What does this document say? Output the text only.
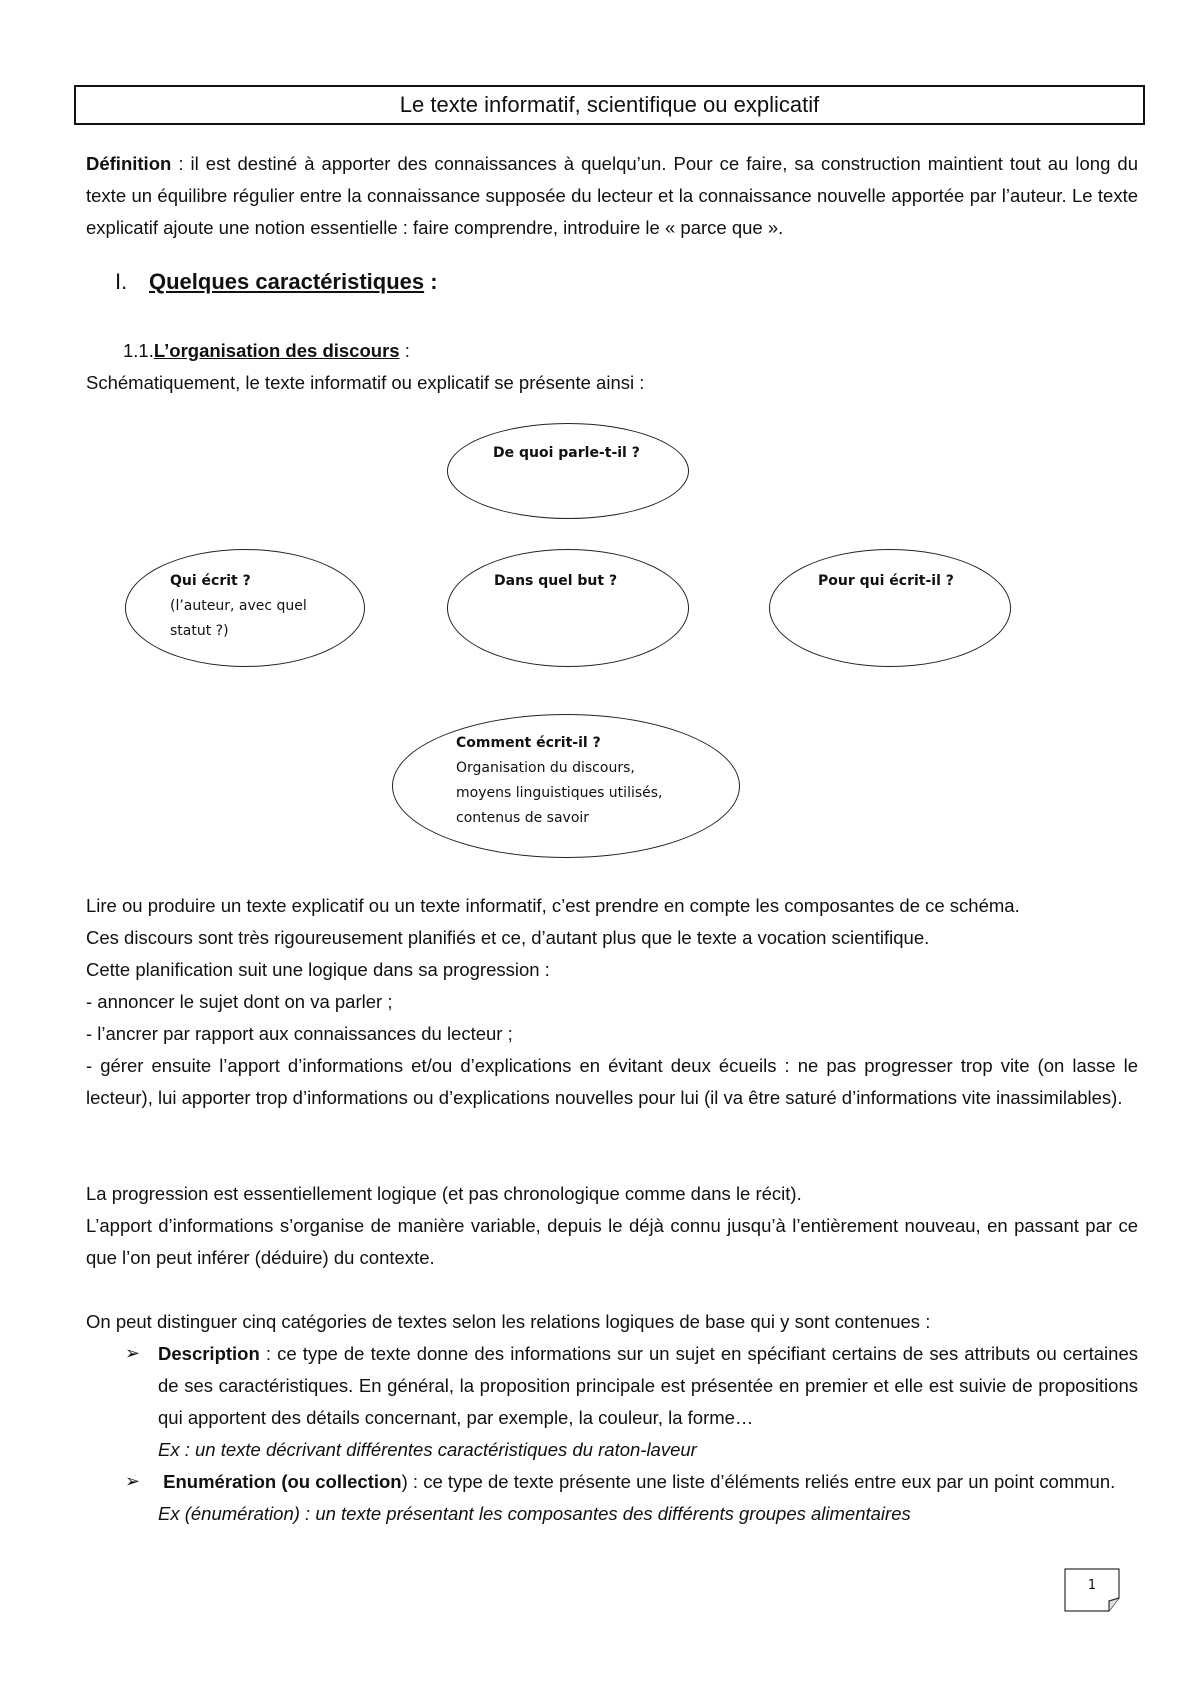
Le texte informatif, scientifique ou explicatif

Définition : il est destiné à apporter des connaissances à quelqu’un. Pour ce faire, sa construction maintient tout au long du texte un équilibre régulier entre la connaissance supposée du lecteur et la connaissance nouvelle apportée par l’auteur. Le texte explicatif ajoute une notion essentielle : faire comprendre, introduire le « parce que ».

I. Quelques caractéristiques :
1.1.L’organisation des discours :

Schématiquement, le texte informatif ou explicatif se présente ainsi :

De quoi parle-t-il ?
Qui écrit ?
(l’auteur, avec quel
statut ?)
Dans quel but ?	Pour qui écrit-il ?
Comment écrit-il ?
Organisation du discours,
moyens linguistiques utilisés,
contenus de savoir

Lire ou produire un texte explicatif ou un texte informatif, c’est prendre en compte les composantes de ce schéma.

Ces discours sont très rigoureusement planifiés et ce, d’autant plus que le texte a vocation scientifique.

Cette planification suit une logique dans sa progression :

- annoncer le sujet dont on va parler ;

- l’ancrer par rapport aux connaissances du lecteur ;

- gérer ensuite l’apport d’informations et/ou d’explications en évitant deux écueils : ne pas progresser trop vite (on lasse le lecteur), lui apporter trop d’informations ou d’explications nouvelles pour lui (il va être saturé d’informations vite inassimilables).

La progression est essentiellement logique (et pas chronologique comme dans le récit).

L’apport d’informations s’organise de manière variable, depuis le déjà connu jusqu’à l’entièrement nouveau, en passant par ce que l’on peut inférer (déduire) du contexte.

On peut distinguer cinq catégories de textes selon les relations logiques de base qui y sont contenues :

➢ Description : ce type de texte donne des informations sur un sujet en spécifiant certains de ses attributs ou certaines de ses caractéristiques. En général, la proposition principale est présentée en premier et elle est suivie de propositions qui apportent des détails concernant, par exemple, la couleur, la forme…
Ex : un texte décrivant différentes caractéristiques du raton-laveur
➢ Enumération (ou collection) : ce type de texte présente une liste d’éléments reliés entre eux par un point commun.
Ex (énumération) : un texte présentant les composantes des différents groupes alimentaires
1
